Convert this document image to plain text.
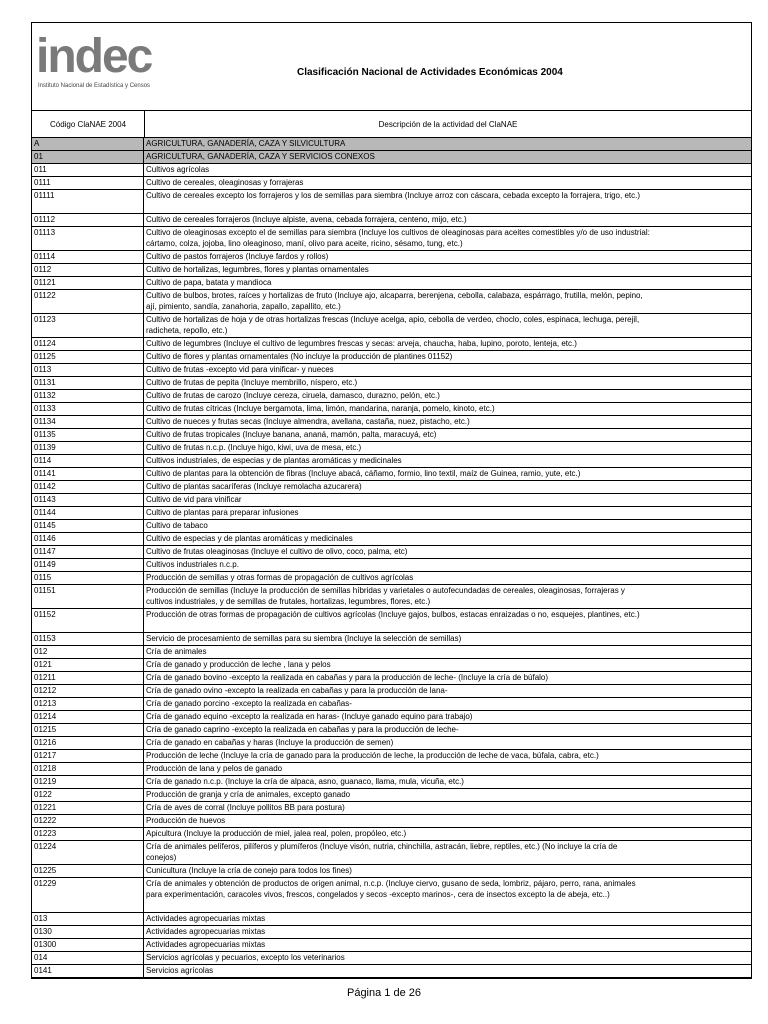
indec
Instituto Nacional de Estadística y Censos
Clasificación Nacional de Actividades Económicas 2004
Código ClaNAE 2004	Descripción de la actividad del ClaNAE
A	AGRICULTURA, GANADERÍA, CAZA Y SILVICULTURA
01	AGRICULTURA, GANADERÍA, CAZA Y SERVICIOS CONEXOS
011	Cultivos agrícolas
0111	Cultivo de cereales, oleaginosas y forrajeras
01111	Cultivo de cereales excepto los forrajeros y los de semillas para siembra (Incluye arroz con cáscara, cebada excepto la forrajera, trigo, etc.)
01112	Cultivo de cereales forrajeros (Incluye alpiste, avena, cebada forrajera, centeno, mijo, etc.)
01113	Cultivo de oleaginosas excepto el de semillas para siembra (Incluye los cultivos de oleaginosas para aceites comestibles y/o de uso industrial:
cártamo, colza, jojoba, lino oleaginoso, maní, olivo para aceite, ricino, sésamo, tung, etc.)
01114	Cultivo de pastos forrajeros (Incluye fardos y rollos)
0112	Cultivo de hortalizas, legumbres, flores y plantas ornamentales
01121	Cultivo de papa, batata y mandioca
01122	Cultivo de bulbos, brotes, raíces y hortalizas de fruto (Incluye ajo, alcaparra, berenjena, cebolla, calabaza, espárrago, frutilla, melón, pepino,
ají, pimiento, sandía, zanahoria, zapallo, zapallito, etc.)
01123	Cultivo de hortalizas de hoja y de otras hortalizas frescas (Incluye acelga, apio, cebolla de verdeo, choclo, coles, espinaca, lechuga, perejil,
radicheta, repollo, etc.)
01124	Cultivo de legumbres (Incluye el cultivo de legumbres frescas y secas: arveja, chaucha, haba, lupino, poroto, lenteja, etc.)
01125	Cultivo de flores y plantas ornamentales (No incluye la producción de plantines 01152)
0113	Cultivo de frutas -excepto vid para vinificar- y nueces
01131	Cultivo de frutas de pepita (Incluye membrillo, níspero, etc.)
01132	Cultivo de frutas de carozo (Incluye cereza, ciruela, damasco, durazno, pelón, etc.)
01133	Cultivo de frutas cítricas (Incluye bergamota, lima, limón, mandarina, naranja, pomelo, kinoto, etc.)
01134	Cultivo de nueces y frutas secas (Incluye almendra, avellana, castaña, nuez, pistacho, etc.)
01135	Cultivo de frutas tropicales (Incluye banana, ananá, mamón, palta, maracuyá, etc)
01139	Cultivo de frutas n.c.p. (Incluye higo, kiwi, uva de mesa, etc.)
0114	Cultivos industriales, de especias y de plantas aromáticas y medicinales
01141	Cultivo de plantas para la obtención de fibras (Incluye abacá, cáñamo, formio, lino textil, maíz de Guinea, ramio, yute, etc.)
01142	Cultivo de plantas sacaríferas (Incluye remolacha azucarera)
01143	Cultivo de vid para vinificar
01144	Cultivo de plantas para preparar infusiones
01145	Cultivo de tabaco
01146	Cultivo de especias y de plantas aromáticas y medicinales
01147	Cultivo de frutas oleaginosas (Incluye el cultivo de olivo, coco, palma, etc)
01149	Cultivos industriales n.c.p.
0115	Producción de semillas y otras formas de propagación de cultivos agrícolas
01151	Producción de semillas (Incluye la producción de semillas híbridas y varietales o autofecundadas de cereales, oleaginosas, forrajeras y
cultivos industriales, y de semillas de frutales, hortalizas, legumbres, flores, etc.)
01152	Producción de otras formas de propagación de cultivos agrícolas (Incluye gajos, bulbos, estacas enraizadas o no, esquejes, plantines, etc.)
01153	Servicio de procesamiento de semillas para su siembra (Incluye la selección de semillas)
012	Cría de animales
0121	Cría de ganado y producción de leche , lana y pelos
01211	Cría de ganado bovino -excepto la realizada en cabañas y para la producción de leche- (Incluye la cría de búfalo)
01212	Cría de ganado ovino -excepto la realizada en cabañas y para la producción de lana-
01213	Cría de ganado porcino -excepto la realizada en cabañas-
01214	Cría de ganado equino -excepto la realizada en haras- (Incluye ganado equino para trabajo)
01215	Cría de ganado caprino -excepto la realizada en cabañas y para la producción de leche-
01216	Cría de ganado en cabañas y haras (Incluye la producción de semen)
01217	Producción de leche (Incluye la cría de ganado para la producción de leche, la producción de leche de vaca, búfala, cabra, etc.)
01218	Producción de lana y pelos de ganado
01219	Cría de ganado n.c.p. (Incluye la cría de alpaca, asno, guanaco, llama, mula, vicuña, etc.)
0122	Producción de granja y cría de animales, excepto ganado
01221	Cría de aves de corral (Incluye pollitos BB para postura)
01222	Producción de huevos
01223	Apicultura (Incluye la producción de miel, jalea real, polen, propóleo, etc.)
01224	Cría de animales pelíferos, pilíferos y plumíferos (Incluye visón, nutria, chinchilla, astracán, liebre, reptiles, etc.) (No incluye la cría de
conejos)
01225	Cunicultura (Incluye la cría de conejo para todos los fines)
01229	Cría de animales y obtención de productos de origen animal, n.c.p. (Incluye ciervo, gusano de seda, lombriz, pájaro, perro, rana, animales
para experimentación, caracoles vivos, frescos, congelados y secos -excepto marinos-, cera de insectos excepto la de abeja, etc..)
013	Actividades agropecuarias mixtas
0130	Actividades agropecuarias mixtas
01300	Actividades agropecuarias mixtas
014	Servicios agrícolas y pecuarios, excepto los veterinarios
0141	Servicios agrícolas
Página 1 de 26
